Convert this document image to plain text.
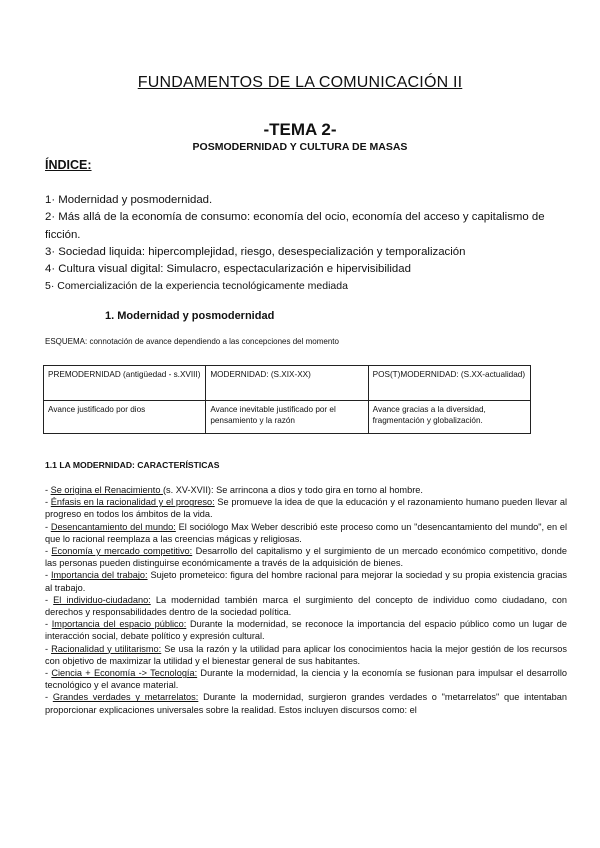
FUNDAMENTOS DE LA COMUNICACIÓN II
-TEMA 2-
POSMODERNIDAD Y CULTURA DE MASAS
ÍNDICE:
1· Modernidad y posmodernidad.
2· Más allá de la economía de consumo: economía del ocio, economía del acceso y capitalismo de ficción.
3· Sociedad liquida: hipercomplejidad, riesgo, desespecialización y temporalización
4· Cultura visual digital: Simulacro, espectacularización e hipervisibilidad
5· Comercialización de la experiencia tecnológicamente mediada
1. Modernidad y posmodernidad
ESQUEMA: connotación de avance dependiendo a las concepciones del momento
PREMODERNIDAD (antigüedad - s.XVIII)	MODERNIDAD: (S.XIX-XX)	POS(T)MODERNIDAD: (S.XX-actualidad)
Avance justificado por dios	Avance inevitable justificado por el pensamiento y la razón	Avance gracias a la diversidad, fragmentación y globalización.
1.1 LA MODERNIDAD: CARACTERÍSTICAS

- Se origina el Renacimiento (s. XV-XVII): Se arrincona a dios y todo gira en torno al hombre.

- Énfasis en la racionalidad y el progreso: Se promueve la idea de que la educación y el razonamiento humano pueden llevar al progreso en todos los ámbitos de la vida.

- Desencantamiento del mundo: El sociólogo Max Weber describió este proceso como un "desencantamiento del mundo", en el que lo racional reemplaza a las creencias mágicas y religiosas.

- Economía y mercado competitivo: Desarrollo del capitalismo y el surgimiento de un mercado económico competitivo, donde las personas pueden distinguirse económicamente a través de la adquisición de bienes.

- Importancia del trabajo: Sujeto prometeico: figura del hombre racional para mejorar la sociedad y su propia existencia gracias al trabajo.

- El individuo-ciudadano: La modernidad también marca el surgimiento del concepto de individuo como ciudadano, con derechos y responsabilidades dentro de la sociedad política.

- Importancia del espacio público: Durante la modernidad, se reconoce la importancia del espacio público como un lugar de interacción social, debate político y expresión cultural.

- Racionalidad y utilitarismo: Se usa la razón y la utilidad para aplicar los conocimientos hacia la mejor gestión de los recursos con objetivo de maximizar la utilidad y el bienestar general de sus habitantes.

- Ciencia + Economía -> Tecnología: Durante la modernidad, la ciencia y la economía se fusionan para impulsar el desarrollo tecnológico y el avance material.

- Grandes verdades y metarrelatos: Durante la modernidad, surgieron grandes verdades o "metarrelatos" que intentaban proporcionar explicaciones universales sobre la realidad. Estos incluyen discursos como: el
